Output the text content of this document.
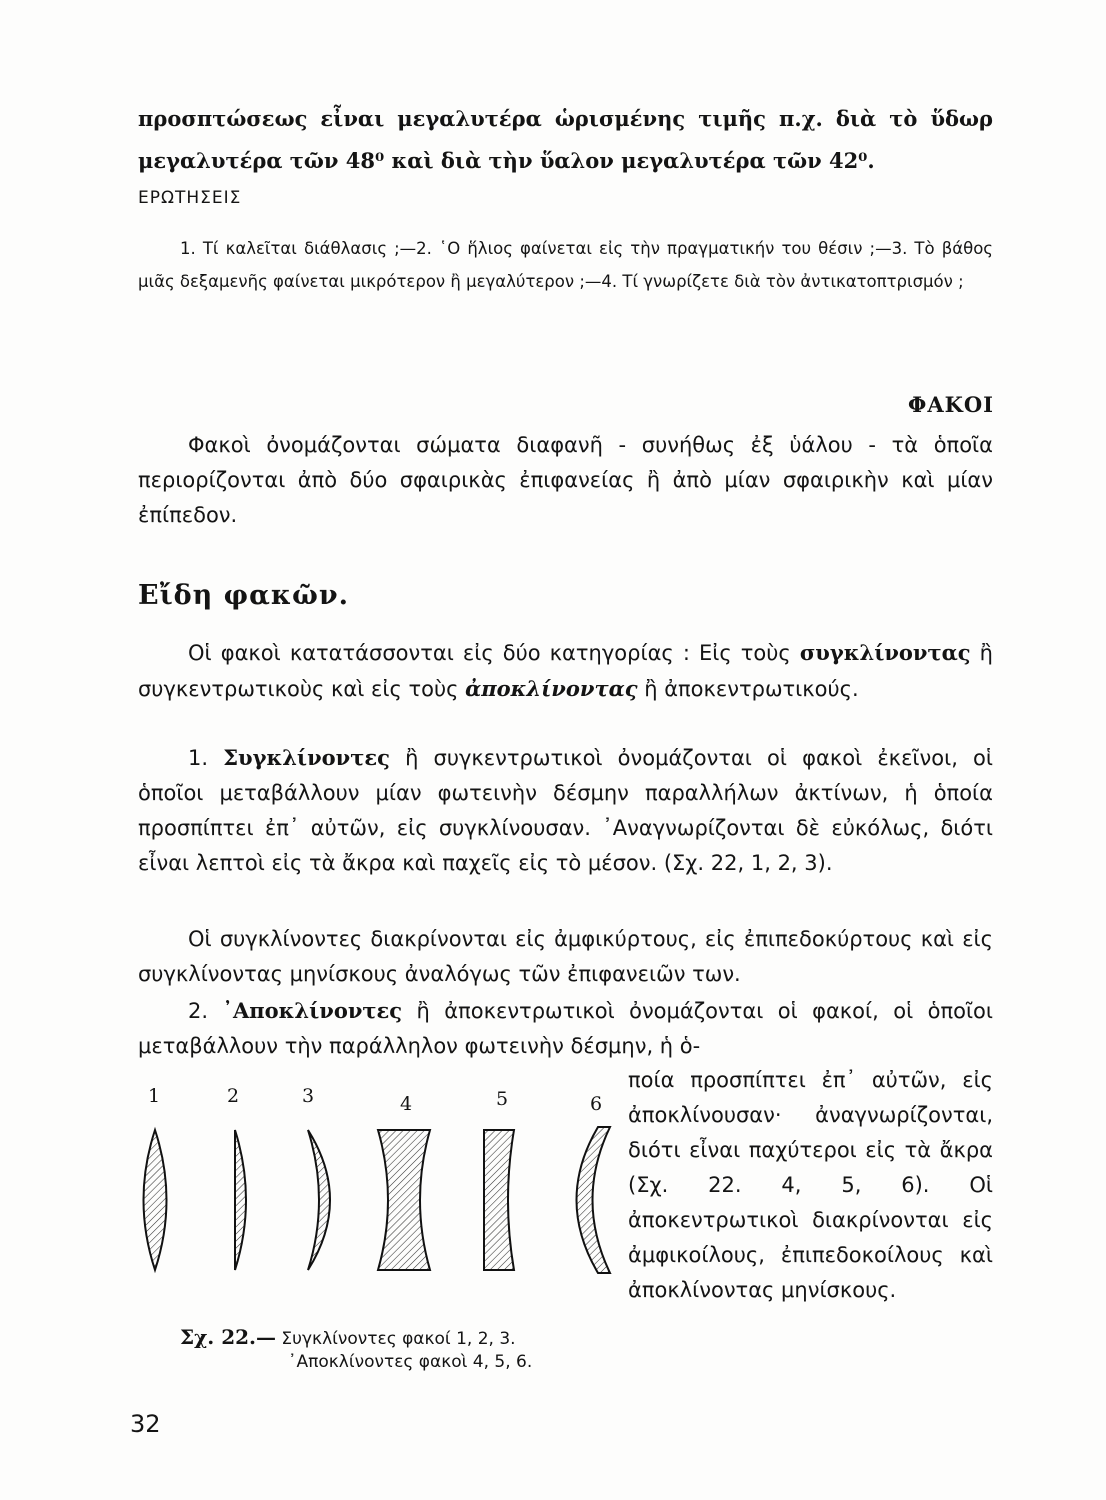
προσπτώσεως εἶναι μεγαλυτέρα ὡρισμένης τιμῆς π.χ. διὰ τὸ ὕδωρ μεγαλυτέρα τῶν 48⁰ καὶ διὰ τὴν ὕαλον μεγαλυτέρα τῶν 42⁰.
ΕΡΩΤΗΣΕΙΣ
1. Τί καλεῖται διάθλασις ;—2. ῾Ο ἥλιος φαίνεται εἰς τὴν πραγματικήν του θέσιν ;—3. Τὸ βάθος μιᾶς δεξαμενῆς φαίνεται μικρότερον ἢ μεγαλύτερον ;—4. Τί γνωρίζετε διὰ τὸν ἀντικατοπτρισμόν ;
ΦΑΚΟΙ

Φακοὶ ὀνομάζονται σώματα διαφανῆ - συνήθως ἐξ ὑάλου - τὰ ὁποῖα περιορίζονται ἀπὸ δύο σφαιρικὰς ἐπιφανείας ἢ ἀπὸ μίαν σφαιρικὴν καὶ μίαν ἐπίπεδον.

Εἴδη φακῶν.

Οἱ φακοὶ κατατάσσονται εἰς δύο κατηγορίας : Εἰς τοὺς συγκλίνοντας ἢ συγκεντρωτικοὺς καὶ εἰς τοὺς ἀποκλίνοντας ἢ ἀποκεντρωτικούς.

1. Συγκλίνοντες ἢ συγκεντρωτικοὶ ὀνομάζονται οἱ φακοὶ ἐκεῖνοι, οἱ ὁποῖοι μεταβάλλουν μίαν φωτεινὴν δέσμην παραλλήλων ἀκτίνων, ἡ ὁποία προσπίπτει ἐπ᾿ αὐτῶν, εἰς συγκλίνουσαν. ᾿Αναγνωρίζονται δὲ εὐκόλως, διότι εἶναι λεπτοὶ εἰς τὰ ἄκρα καὶ παχεῖς εἰς τὸ μέσον. (Σχ. 22, 1, 2, 3).

Οἱ συγκλίνοντες διακρίνονται εἰς ἀμφικύρτους, εἰς ἐπιπεδοκύρτους καὶ εἰς συγκλίνοντας μηνίσκους ἀναλόγως τῶν ἐπιφανειῶν των.

2. ᾿Αποκλίνοντες ἢ ἀποκεντρωτικοὶ ὀνομάζονται οἱ φακοί, οἱ ὁποῖοι μεταβάλλουν τὴν παράλληλον φωτεινὴν δέσμην, ἡ ὁ-

ποία προσπίπτει ἐπ᾿ αὐτῶν, εἰς ἀποκλίνουσαν· ἀναγνωρίζονται, διότι εἶναι παχύτεροι εἰς τὰ ἄκρα (Σχ. 22. 4, 5, 6). Οἱ ἀποκεντρωτικοὶ διακρίνονται εἰς ἀμφικοίλους, ἐπιπεδοκοίλους καὶ ἀποκλίνοντας μηνίσκους.

1	2	3	4	5	6
Σχ. 22.— Συγκλίνοντες φακοί 1, 2, 3.
᾿Αποκλίνοντες φακοὶ 4, 5, 6.
32
